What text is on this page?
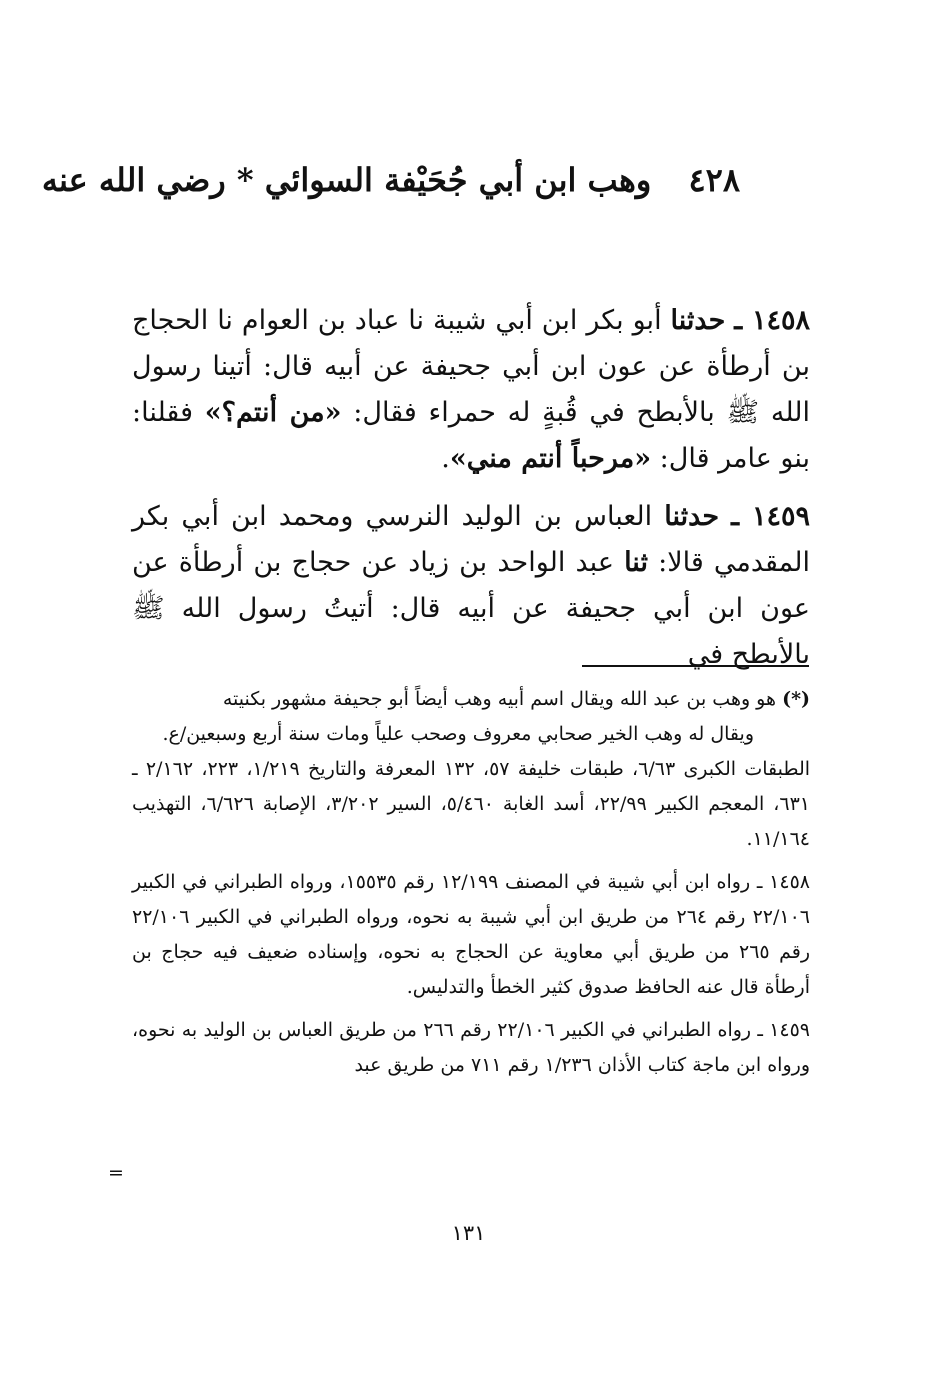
٤٢٨ وهب ابن أبي جُحَيْفة السوائي * رضي الله عنه

١٤٥٨ ـ حدثنا أبو بكر ابن أبي شيبة نا عباد بن العوام نا الحجاج بن أرطأة عن عون ابن أبي جحيفة عن أبيه قال: أتينا رسول الله ﷺ بالأبطح في قُبةٍ له حمراء فقال: «من أنتم؟» فقلنا: بنو عامر قال: «مرحباً أنتم مني».

١٤٥٩ ـ حدثنا العباس بن الوليد النرسي ومحمد ابن أبي بكر المقدمي قالا: ثنا عبد الواحد بن زياد عن حجاج بن أرطأة عن عون ابن أبي جحيفة عن أبيه قال: أتيتُ رسول الله ﷺ بالأبطح في

(*) هو وهب بن عبد الله ويقال اسم أبيه وهب أيضاً أبو جحيفة مشهور بكنيته
ويقال له وهب الخير صحابي معروف وصحب علياً ومات سنة أربع وسبعين/ع.
الطبقات الكبرى ٦/٦٣، طبقات خليفة ٥٧، ١٣٢ المعرفة والتاريخ ١/٢١٩، ٢٢٣، ٢/١٦٢ ـ ٦٣١، المعجم الكبير ٢٢/٩٩، أسد الغابة ٥/٤٦٠، السير ٣/٢٠٢، الإصابة ٦/٦٢٦، التهذيب ١١/١٦٤.
١٤٥٨ ـ رواه ابن أبي شيبة في المصنف ١٢/١٩٩ رقم ١٥٥٣٥، ورواه الطبراني في الكبير ٢٢/١٠٦ رقم ٢٦٤ من طريق ابن أبي شيبة به نحوه، ورواه الطبراني في الكبير ٢٢/١٠٦ رقم ٢٦٥ من طريق أبي معاوية عن الحجاج به نحوه، وإسناده ضعيف فيه حجاج بن أرطأة قال عنه الحافظ صدوق كثير الخطأ والتدليس.
١٤٥٩ ـ رواه الطبراني في الكبير ٢٢/١٠٦ رقم ٢٦٦ من طريق العباس بن الوليد به نحوه، ورواه ابن ماجة كتاب الأذان ١/٢٣٦ رقم ٧١١ من طريق عبد
=
١٣١
